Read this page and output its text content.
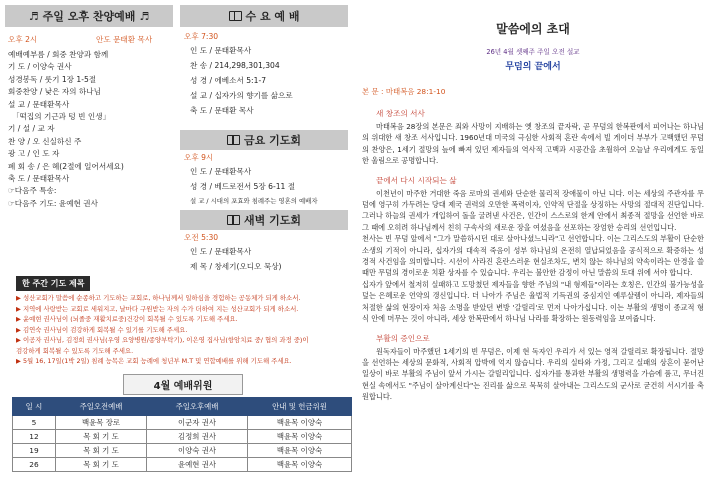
♬ 주일 오후 찬양예배 ♬
오후 2시	안도 문태환 목사
예배예부름 / 회중 찬양과 함께
기 도 / 이양숙 권사
성경봉독 / 룻기 1장 1-5절
회중찬양 / 낮은 자의 하나님
설 교 / 문태환목사
「떡집의 기근과 텅 빈 인생」
기 / 설 / 교 자
찬 양 / 오 신실하신 주
광 고 / 인 도 자
폐 회 송 / 은 혜(2절에 일어서세요)
축 도 / 문태환목사
☞다음주 특송:
☞다음주 기도: 윤예현 권사
수 요 예 배
오후 7:30
인 도 / 문태환목사
찬 송 / 214,298,301,304
성 경 / 에베소서 5:1-7
설 교 / 십자가의 향기를 삶으로
축 도 / 문태환 목사
금요 기도회
오후 9시
인 도 / 문태환목사
성 경 / 베드로전서 5장 6-11 절
설 교 / 시대의 포효와 침례주는 영혼의 예배자
새벽 기도회
오전 5:30
인 도 / 문태환목사
제 목 / 창세기(오디오 묵상)
한 주간 기도 제목
▶ 성산교회가 말씀에 순종하고 기도하는 교회로, 하나님께서 일하심을 경험하는 공동체가 되게 하소서.
▶ 지역에 사랑받는 교회로 세워지고, 날마다 구원받는 자의 수가 더하여 지는 성산교회가 되게 하소서.
▶ 윤예현 권사님이 (뇌졸중 재활치료중)건강이 회복될 수 있도록 기도해 주세요.
▶ 김연숙 권사님이 검강하게 회복될 수 있기를 기도해 주세요.
▶ 이공자 권사님, 김정희 권사님(우영 요양병원/종양부탁기), 이은영 집사님(항암치료 중/ 협의 과정 중)이
검강하게 회복될 수 있도록 기도해 주세요.
▶ 5월 16, 17일(1박 2일) 침례 능목은 교회 능례에 청년부 M.T 및 연합예배를 위해 기도해 주세요.
4월 예배위원
일 시	주일오전예배	주일오후예배	안내 및 헌금위원
5	백윤목 장로	이군자 권사	백윤목 이양숙
12	목 회 기 도	김정희 권사	백윤목 이양숙
19	목 회 기 도	이양숙 권사	백윤목 이양숙
26	목 회 기 도	윤예현 권사	백윤목 이양숙
말씀에의 초대
26년 4월 셋째주 주일 오전 설교
무덤의 끝에서
본 문 : 마태복음 28:1-10
새 창조의 서사

마태복음 28장의 본문은 죄와 사망이 지배하는 옛 창조의 끝자락, 곧 무덤의 한복판에서 피어나는 하나님의 위대한 새 창조 서사입니다. 1960년대 미국의 극심한 사회적 혼란 속에서 빌 게이더 부부가 고백했던 무덤의 찬양은, 1세기 절망의 늪에 빠져 있던 제자들의 역사적 고백과 시공간을 초월하여 오늘날 우리에게도 동일한 울림으로 공명합니다.

끝에서 다시 시작되는 삶

이천년이 마주한 거대한 죽음 로마의 권세와 단순한 물리적 장애물이 아닌 니다. 이는 세상의 주관자를 무덤에 영구히 가두려는 당대 제국 권력의 오만한 폭력이자, 인약적 단절을 상징하는 사망의 절대적 진단입니다. 그러나 하늘의 권세가 개입하여 돌을 굴려낸 사건은, 인간이 스스로의 한계 안에서 최종적 절망을 선언한 바로 그 때에 오히려 하나님께서 친히 구속사의 새로운 장을 여셨음을 선포하는 장엄한 승리의 선언입니다.
천사는 빈 무덤 앞에서 "그가 말씀하시던 대로 살아나셨느니라"고 선언합니다. 이는 그리스도의 부활이 단순한 소생의 기적이 아니라, 십자가의 대속적 죽음이 성부 하나님의 온전히 열납되었음을 공식적으로 확증하는 성경적 사건임을 의미합니다. 시선이 사라진 혼란스러운 현실조차도, 변치 않는 하나님의 약속이라는 안경을 쓸 때만 무덤의 경이로운 치환 상자를 수 있습니다. 우리는 불안한 감정이 아닌 말씀의 토대 위에 서야 합니다.
십자가 앞에서 철저히 실패하고 도망쳤던 제자들을 향한 주님의 "내 형제들"이라는 호칭은, 인간의 불가능성을 덮는 은혜로운 언약의 갱신입니다. 더 나아가 주님은 율법적 기득권의 중심지인 예루살렘이 아니라, 제자들의 처절한 삶의 현장이자 처음 소명을 받았던 변방 '갈릴리'로 먼저 나아가십니다. 이는 부활의 생명이 종교적 형식 안에 머무는 것이 아니라, 세상 한복판에서 하나님 나라를 확장하는 원동력임을 보여줍니다.

부활의 증인으로

원독자들이 마주했던 1세기의 빈 무덤은, 이제 현 독자인 우리가 서 있는 영적 갈릴리로 확장됩니다. 절망을 선언하는 세상의 문화적, 사회적 압박에 억지 않습니다. 우리의 실타와 가정, 그리고 실패의 상흔이 묻어난 일상이 바로 부활의 주님이 앞서 가시는 갈릴리입니다. 십자가를 통과한 부활의 생명력을 가슴에 품고, 무너진 현실 속에서도 "주님이 살아계신다"는 진리를 삶으로 묵묵히 살아내는 그리스도의 군사로 굳건히 서시기를 축원합니다.
